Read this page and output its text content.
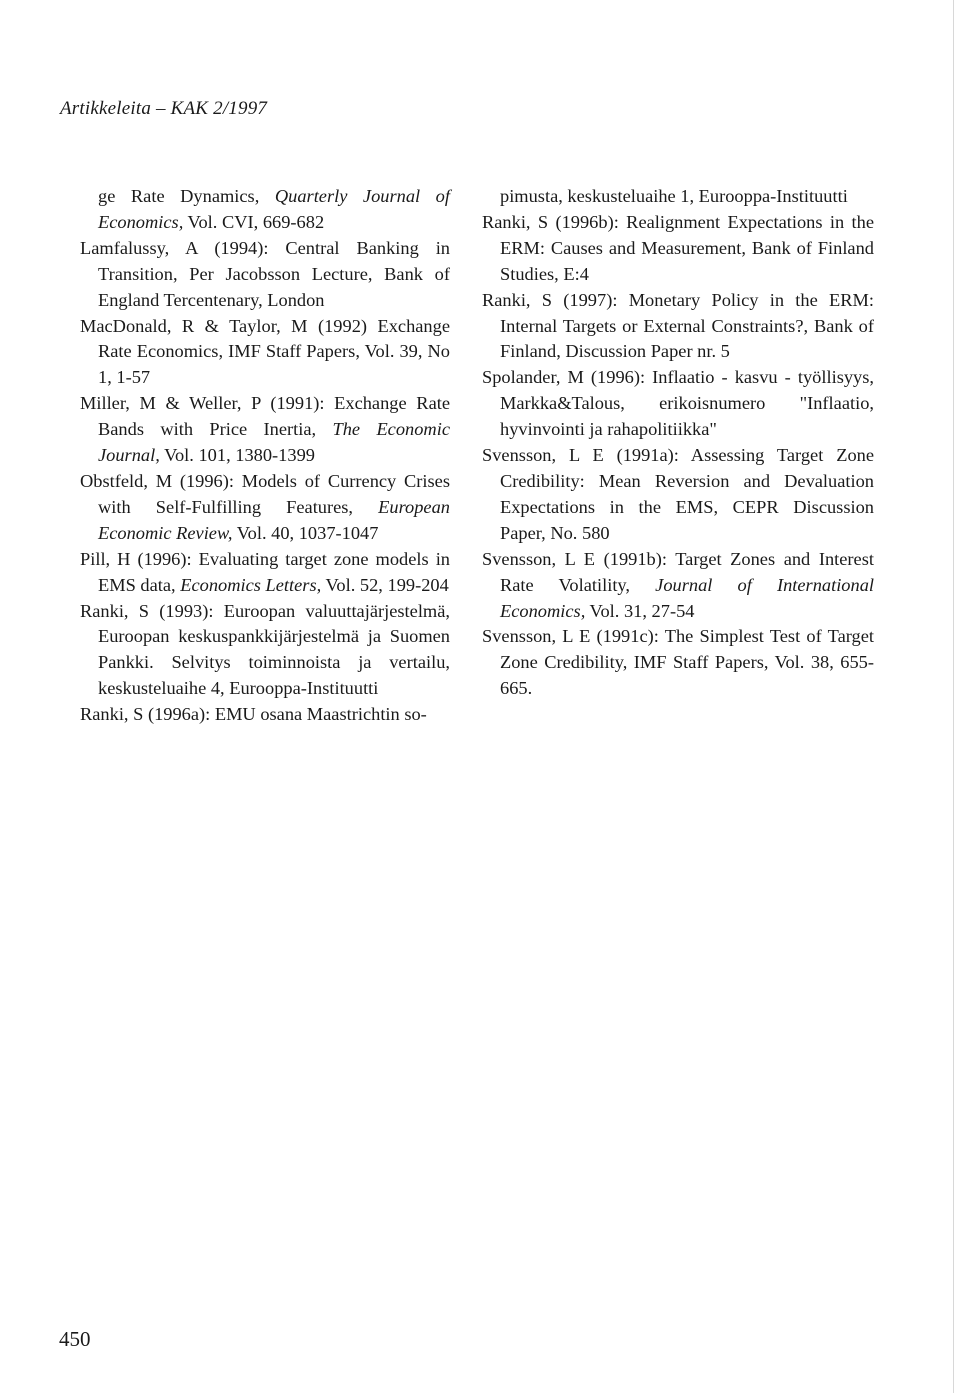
Artikkeleita – KAK 2/1997

ge Rate Dynamics, Quarterly Journal of Economics, Vol. CVI, 669-682

Lamfalussy, A (1994): Central Banking in Transition, Per Jacobsson Lecture, Bank of England Tercentenary, London

MacDonald, R & Taylor, M (1992) Exchange Rate Economics, IMF Staff Papers, Vol. 39, No 1, 1-57

Miller, M & Weller, P (1991): Exchange Rate Bands with Price Inertia, The Economic Journal, Vol. 101, 1380-1399

Obstfeld, M (1996): Models of Currency Crises with Self-Fulfilling Features, European Economic Review, Vol. 40, 1037-1047

Pill, H (1996): Evaluating target zone models in EMS data, Economics Letters, Vol. 52, 199-204

Ranki, S (1993): Euroopan valuuttajärjestelmä, Euroopan keskuspankkijärjestelmä ja Suomen Pankki. Selvitys toiminnoista ja vertailu, keskusteluaihe 4, Eurooppa-Instituutti

Ranki, S (1996a): EMU osana Maastrichtin so-

pimusta, keskusteluaihe 1, Eurooppa-Instituutti

Ranki, S (1996b): Realignment Expectations in the ERM: Causes and Measurement, Bank of Finland Studies, E:4

Ranki, S (1997): Monetary Policy in the ERM: Internal Targets or External Constraints?, Bank of Finland, Discussion Paper nr. 5

Spolander, M (1996): Inflaatio - kasvu - työllisyys, Markka&Talous, erikoisnumero "Inflaatio, hyvinvointi ja rahapolitiikka"

Svensson, L E (1991a): Assessing Target Zone Credibility: Mean Reversion and Devaluation Expectations in the EMS, CEPR Discussion Paper, No. 580

Svensson, L E (1991b): Target Zones and Interest Rate Volatility, Journal of International Economics, Vol. 31, 27-54

Svensson, L E (1991c): The Simplest Test of Target Zone Credibility, IMF Staff Papers, Vol. 38, 655-665.

450
